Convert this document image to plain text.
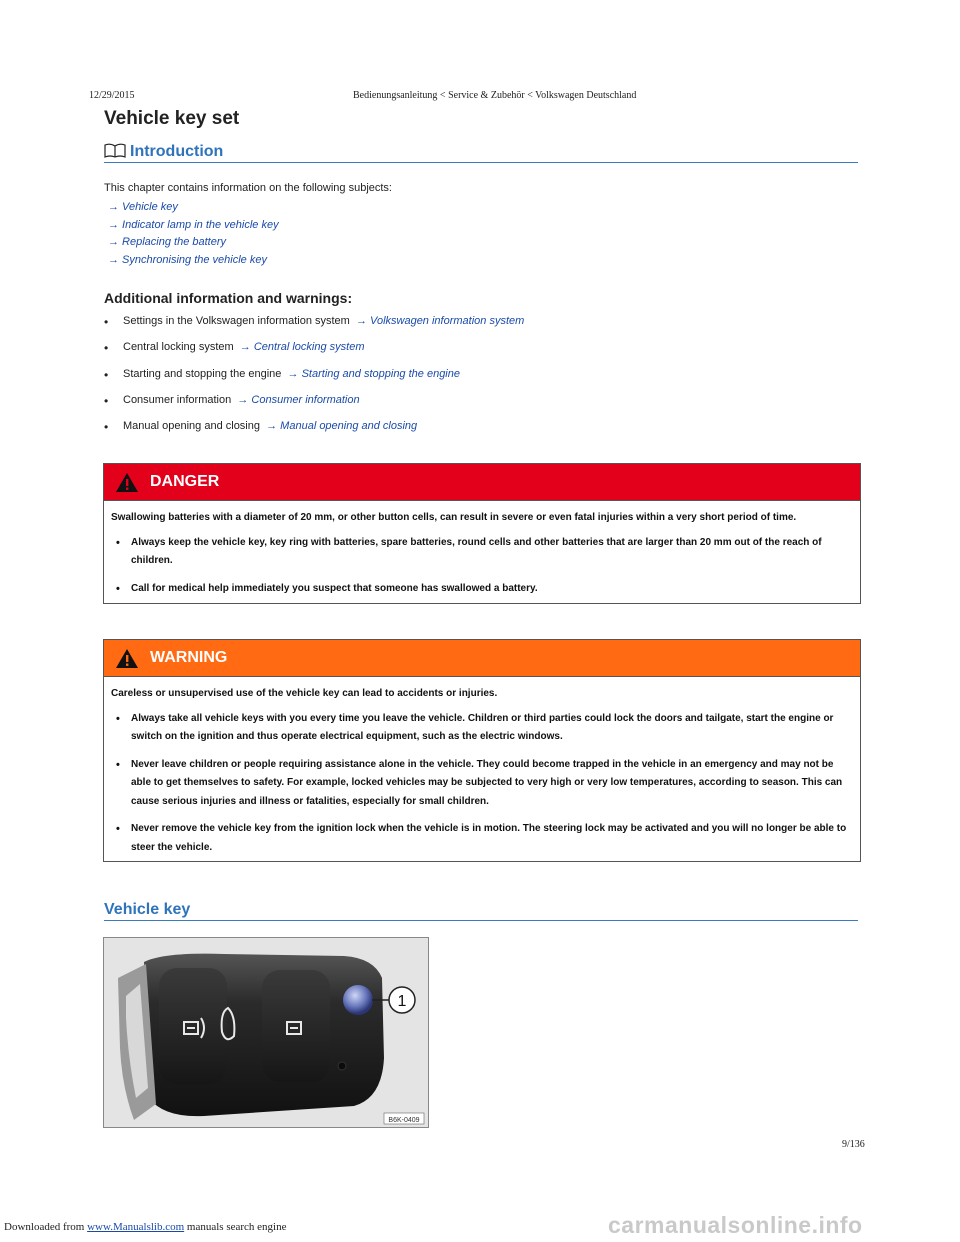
12/29/2015	Bedienungsanleitung < Service & Zubehör < Volkswagen Deutschland
Vehicle key set
Introduction
This chapter contains information on the following subjects:
→ Vehicle key
→ Indicator lamp in the vehicle key
→ Replacing the battery
→ Synchronising the vehicle key
Additional information and warnings:
• Settings in the Volkswagen information system → Volkswagen information system
• Central locking system → Central locking system
• Starting and stopping the engine → Starting and stopping the engine
• Consumer information → Consumer information
• Manual opening and closing → Manual opening and closing
DANGER

Swallowing batteries with a diameter of 20 mm, or other button cells, can result in severe or even fatal injuries within a very short period of time.

• Always keep the vehicle key, key ring with batteries, spare batteries, round cells and other batteries that are larger than 20 mm out of the reach of children.
• Call for medical help immediately you suspect that someone has swallowed a battery.
WARNING

Careless or unsupervised use of the vehicle key can lead to accidents or injuries.

• Always take all vehicle keys with you every time you leave the vehicle. Children or third parties could lock the doors and tailgate, start the engine or switch on the ignition and thus operate electrical equipment, such as the electric windows.
• Never leave children or people requiring assistance alone in the vehicle. They could become trapped in the vehicle in an emergency and may not be able to get themselves to safety. For example, locked vehicles may be subjected to very high or very low temperatures, according to season. This can cause serious injuries and illness or fatalities, especially for small children.
• Never remove the vehicle key from the ignition lock when the vehicle is in motion. The steering lock may be activated and you will no longer be able to steer the vehicle.
Vehicle key
1
B6K-0409
9/136
Downloaded from www.Manualslib.com manuals search engine	carmanualsonline.info
